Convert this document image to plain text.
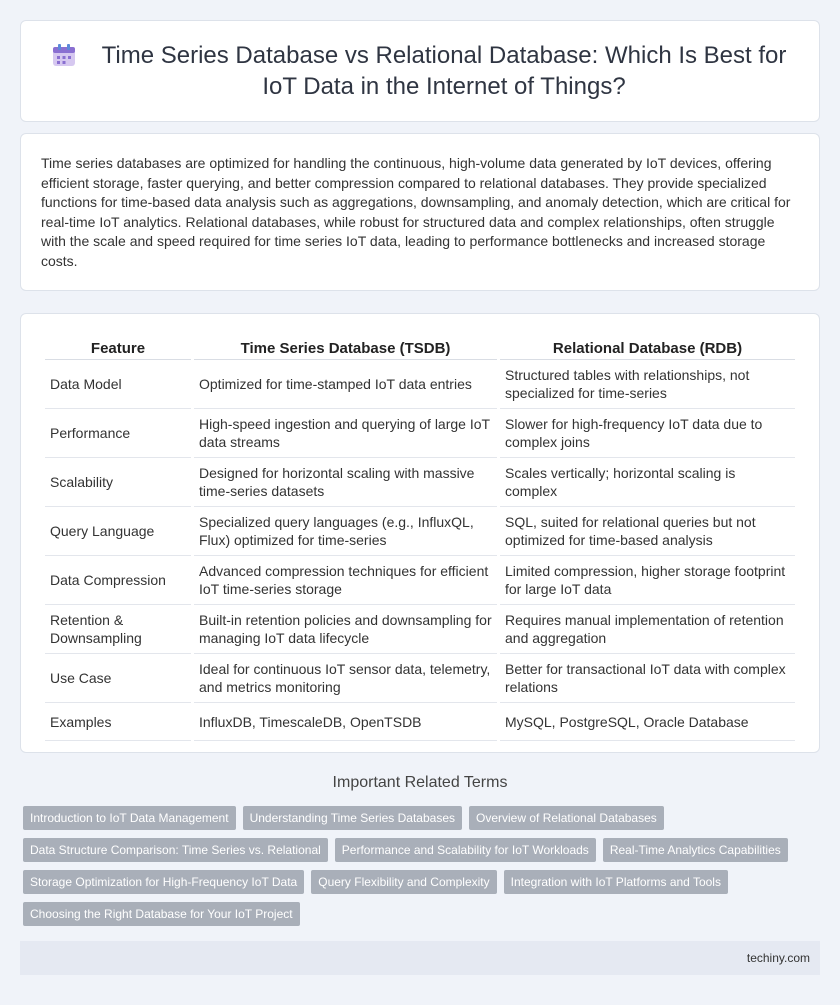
Time Series Database vs Relational Database: Which Is Best for IoT Data in the Internet of Things?

Time series databases are optimized for handling the continuous, high-volume data generated by IoT devices, offering efficient storage, faster querying, and better compression compared to relational databases. They provide specialized functions for time-based data analysis such as aggregations, downsampling, and anomaly detection, which are critical for real-time IoT analytics. Relational databases, while robust for structured data and complex relationships, often struggle with the scale and speed required for time series IoT data, leading to performance bottlenecks and increased storage costs.

Feature	Time Series Database (TSDB)	Relational Database (RDB)
Data Model	Optimized for time-stamped IoT data entries	Structured tables with relationships, not specialized for time-series
Performance	High-speed ingestion and querying of large IoT data streams	Slower for high-frequency IoT data due to complex joins
Scalability	Designed for horizontal scaling with massive time-series datasets	Scales vertically; horizontal scaling is complex
Query Language	Specialized query languages (e.g., InfluxQL, Flux) optimized for time-series	SQL, suited for relational queries but not optimized for time-based analysis
Data Compression	Advanced compression techniques for efficient IoT time-series storage	Limited compression, higher storage footprint for large IoT data
Retention & Downsampling	Built-in retention policies and downsampling for managing IoT data lifecycle	Requires manual implementation of retention and aggregation
Use Case	Ideal for continuous IoT sensor data, telemetry, and metrics monitoring	Better for transactional IoT data with complex relations
Examples	InfluxDB, TimescaleDB, OpenTSDB	MySQL, PostgreSQL, Oracle Database
Important Related Terms
Introduction to IoT Data Management	Understanding Time Series Databases	Overview of Relational Databases
Data Structure Comparison: Time Series vs. Relational	Performance and Scalability for IoT Workloads	Real-Time Analytics Capabilities
Storage Optimization for High-Frequency IoT Data	Query Flexibility and Complexity	Integration with IoT Platforms and Tools
Choosing the Right Database for Your IoT Project
techiny.com
